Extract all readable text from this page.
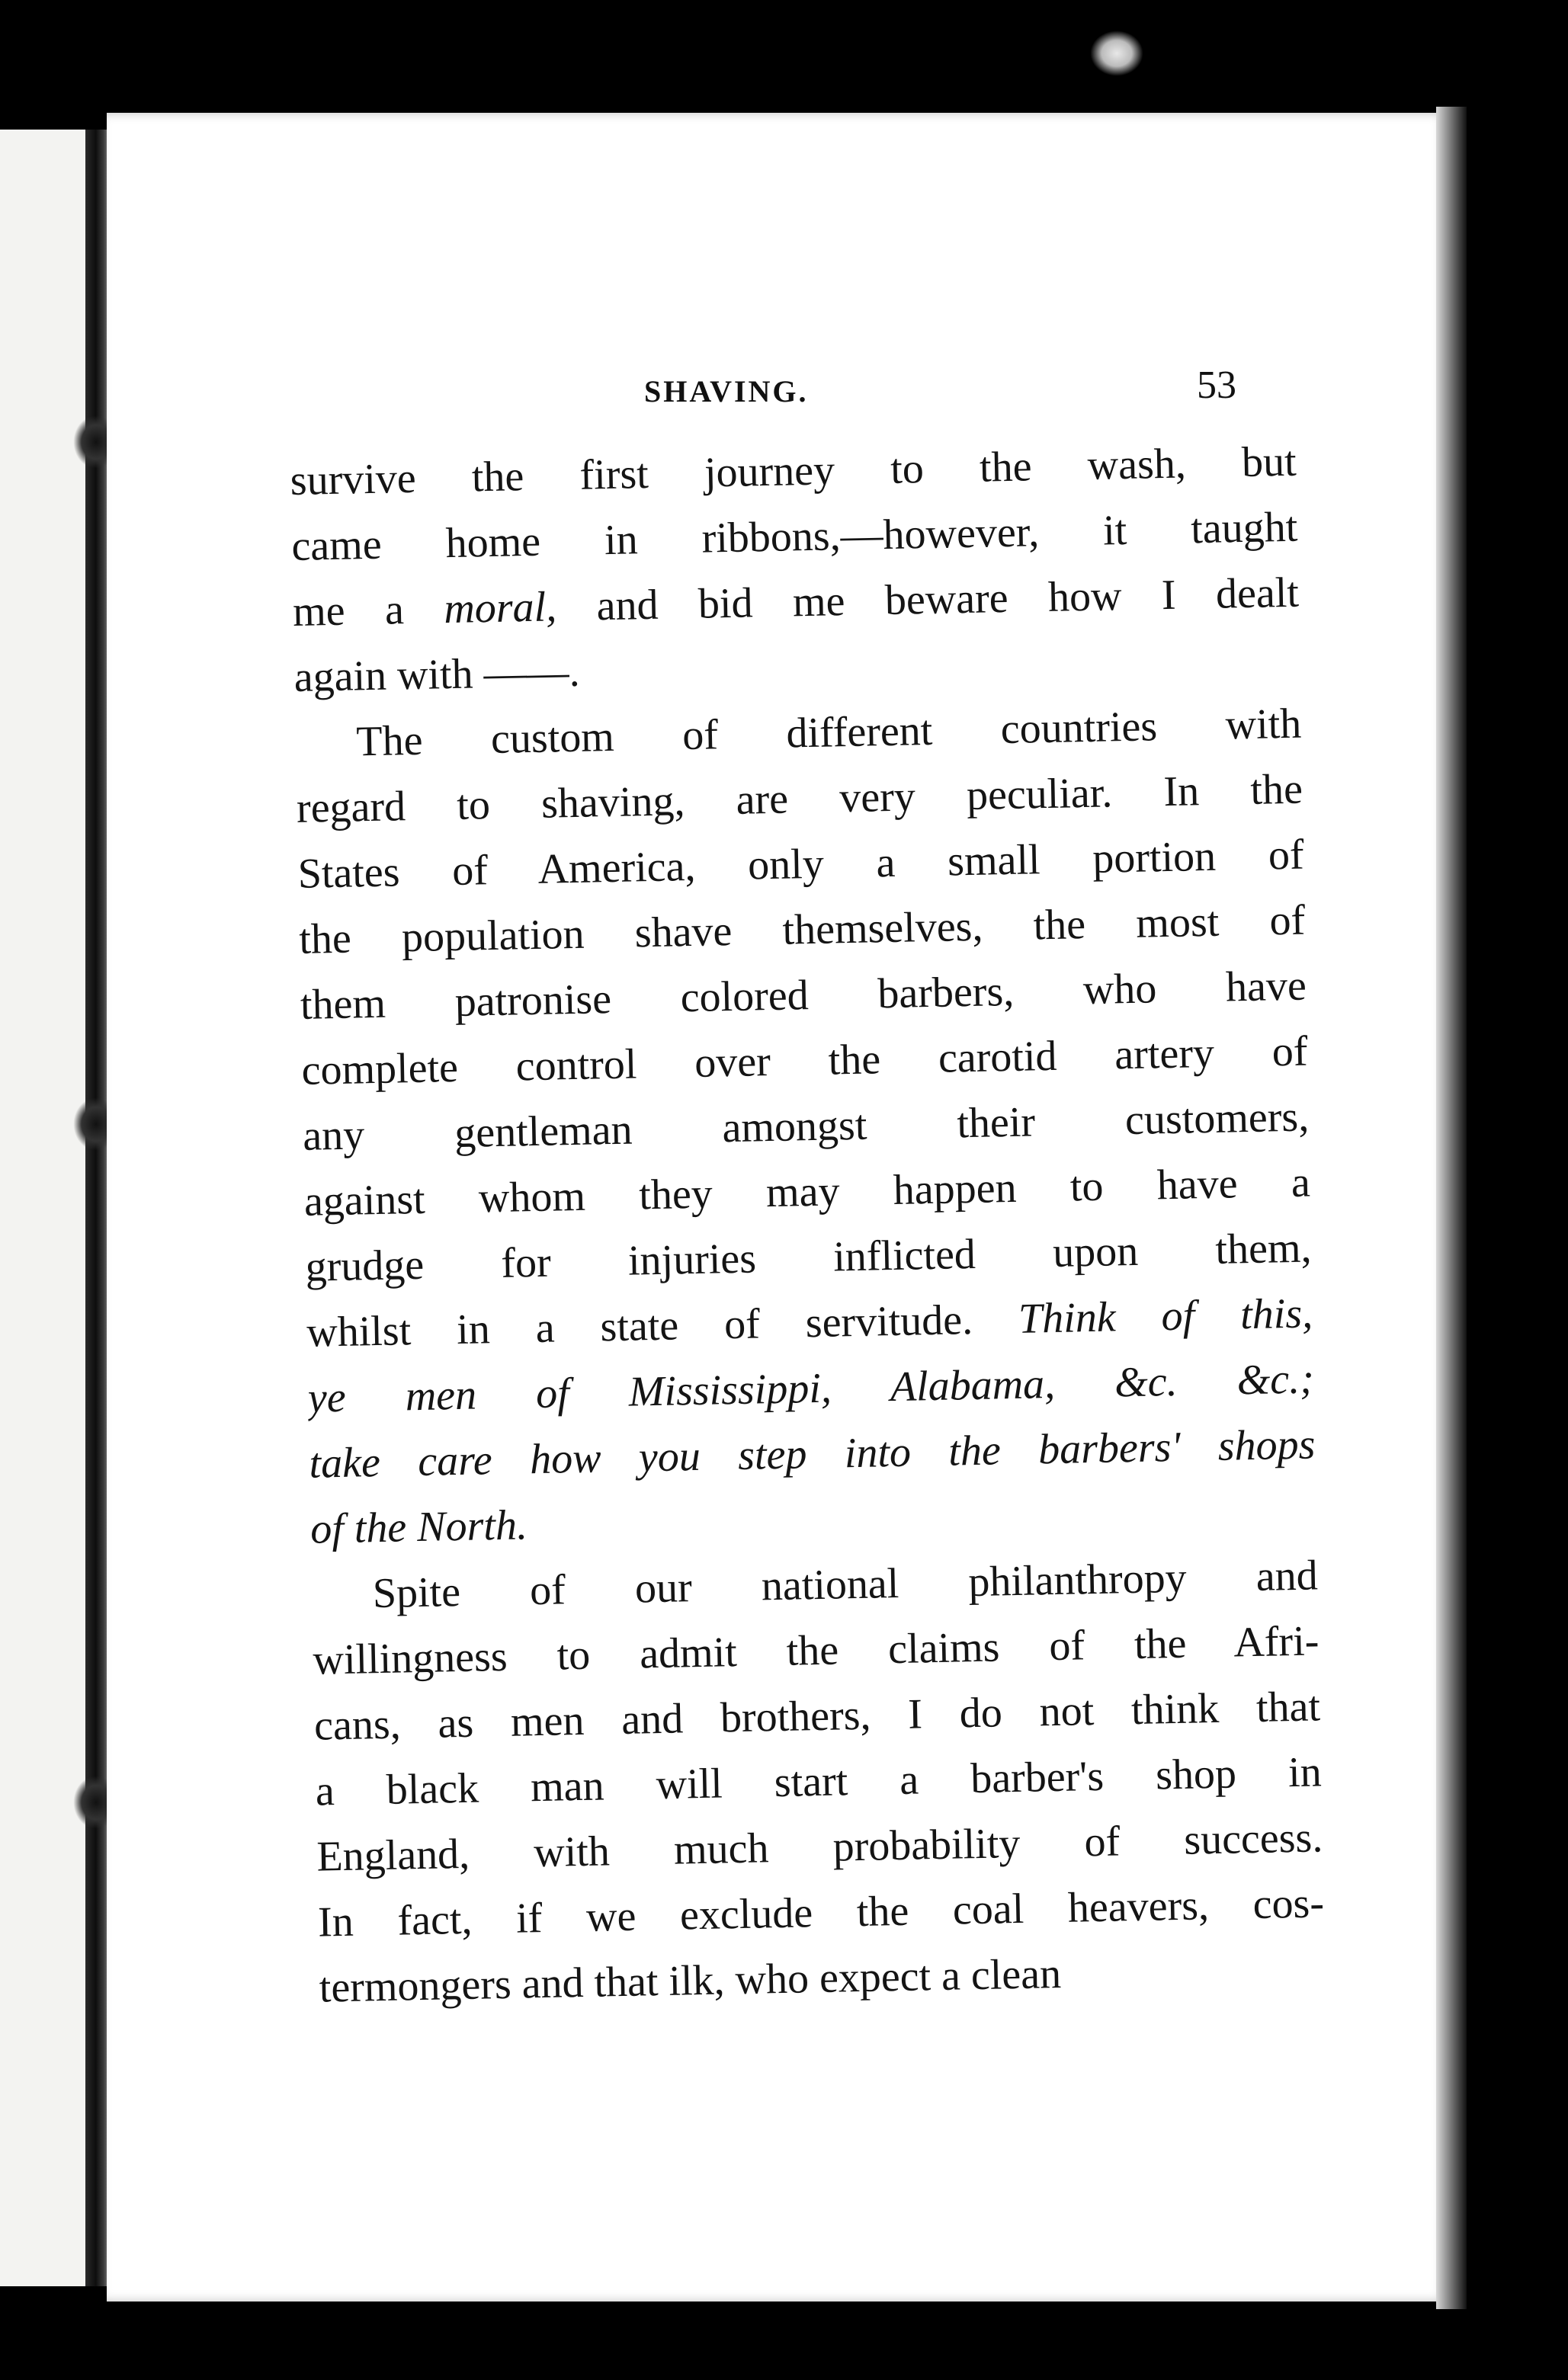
SHAVING.	53
survive the first journey to the wash, but
came home in ribbons,—however, it taught
me a moral, and bid me beware how I dealt
again with ——.
The custom of different countries with
regard to shaving, are very peculiar. In the
States of America, only a small portion of
the population shave themselves, the most of
them patronise colored barbers, who have
complete control over the carotid artery of
any gentleman amongst their customers,
against whom they may happen to have a
grudge for injuries inflicted upon them,
whilst in a state of servitude. Think of this,
ye men of Mississippi, Alabama, &c. &c.;
take care how you step into the barbers' shops
of the North.
Spite of our national philanthropy and
willingness to admit the claims of the Afri-
cans, as men and brothers, I do not think that
a black man will start a barber's shop in
England, with much probability of success.
In fact, if we exclude the coal heavers, cos-
termongers and that ilk, who expect a clean
